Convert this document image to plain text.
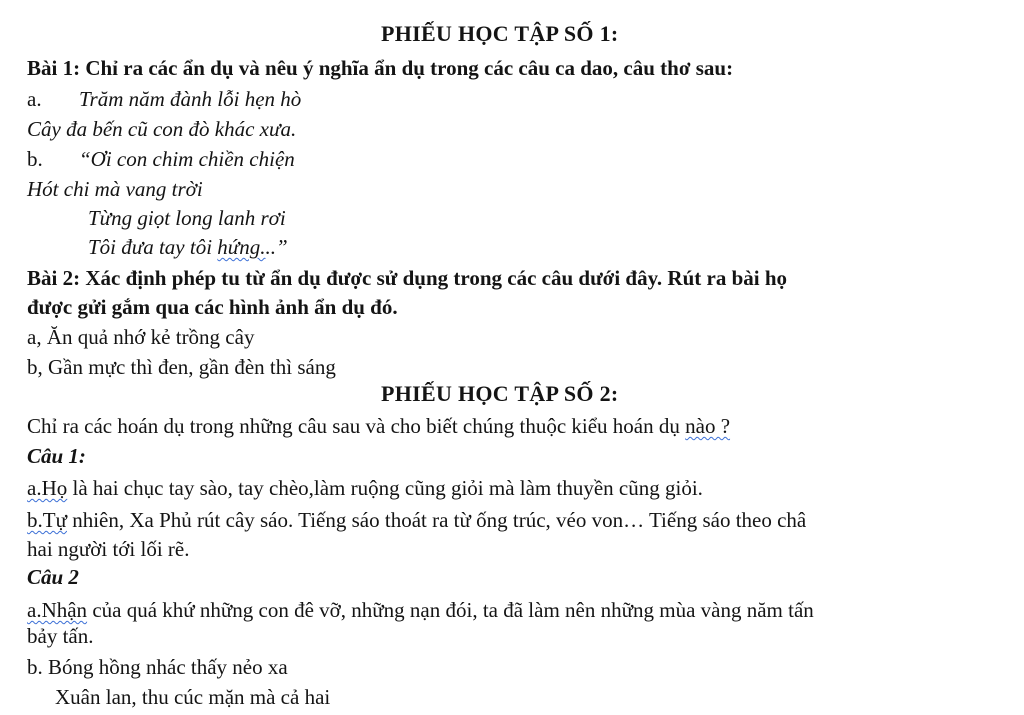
PHIẾU HỌC TẬP SỐ 1:
Bài 1: Chỉ ra các ẩn dụ và nêu ý nghĩa ẩn dụ trong các câu ca dao, câu thơ sau:
a. Trăm năm đành lỗi hẹn hò
Cây đa bến cũ con đò khác xưa.
b. “Ơi con chim chiền chiện
Hót chi mà vang trời
Từng giọt long lanh rơi
Tôi đưa tay tôi hứng...”
Bài 2: Xác định phép tu từ ẩn dụ được sử dụng trong các câu dưới đây. Rút ra bài họ
được gửi gắm qua các hình ảnh ẩn dụ đó.
a, Ăn quả nhớ kẻ trồng cây
b, Gần mực thì đen, gần đèn thì sáng
PHIẾU HỌC TẬP SỐ 2:
Chỉ ra các hoán dụ trong những câu sau và cho biết chúng thuộc kiểu hoán dụ nào ?
Câu 1:
a.Họ là hai chục tay sào, tay chèo,làm ruộng cũng giỏi mà làm thuyền cũng giỏi.
b.Tự nhiên, Xa Phủ rút cây sáo. Tiếng sáo thoát ra từ ống trúc, véo von… Tiếng sáo theo châ
hai người tới lối rẽ.
Câu 2
a.Nhận của quá khứ những con đê vỡ, những nạn đói, ta đã làm nên những mùa vàng năm tấn
bảy tấn.
b. Bóng hồng nhác thấy nẻo xa
Xuân lan, thu cúc mặn mà cả hai
